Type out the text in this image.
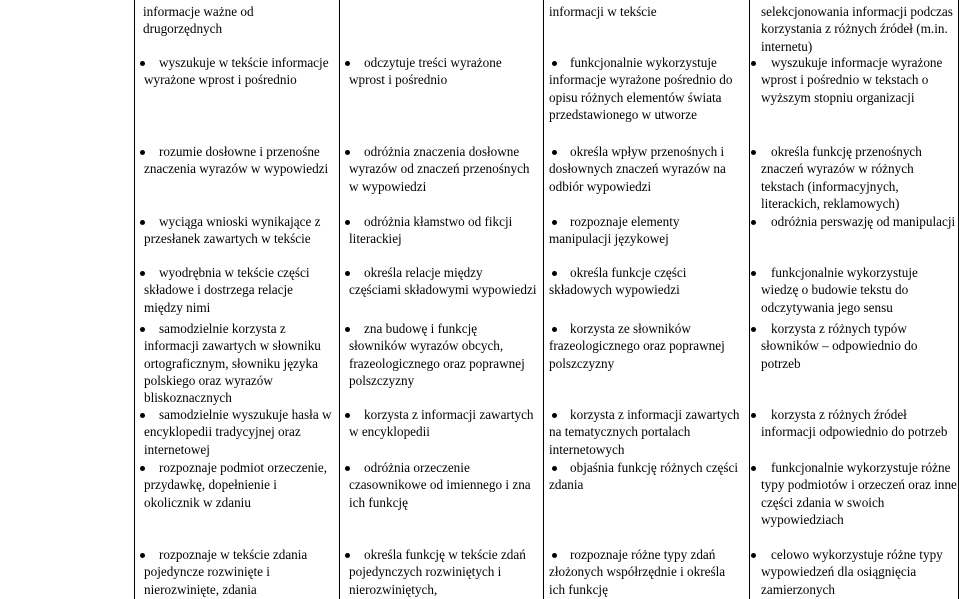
informacje ważne od drugorzędnych
wyszukuje w tekście informacje wyrażone wprost i pośrednio
rozumie dosłowne i przenośne znaczenia wyrazów w wypowiedzi
wyciąga wnioski wynikające z przesłanek zawartych w tekście
wyodrębnia w tekście części składowe i dostrzega relacje między nimi
samodzielnie korzysta z informacji zawartych w słowniku ortograficznym, słowniku języka polskiego oraz wyrazów bliskoznacznych
samodzielnie wyszukuje hasła w encyklopedii tradycyjnej oraz internetowej
rozpoznaje podmiot orzeczenie, przydawkę, dopełnienie i okolicznik w zdaniu
rozpoznaje w tekście zdania pojedyncze rozwinięte i nierozwinięte, zdania
odczytuje treści wyrażone wprost i pośrednio
odróżnia znaczenia dosłowne wyrazów od znaczeń przenośnych w wypowiedzi
odróżnia kłamstwo od fikcji literackiej
określa relacje między częściami składowymi wypowiedzi
zna budowę i funkcję słowników wyrazów obcych, frazeologicznego oraz poprawnej polszczyzny
korzysta z informacji zawartych w encyklopedii
odróżnia orzeczenie czasownikowe od imiennego i zna ich funkcję
określa funkcję w tekście zdań pojedynczych rozwiniętych i nierozwiniętych,
informacji w tekście
funkcjonalnie wykorzystuje informacje wyrażone pośrednio do opisu różnych elementów świata przedstawionego w utworze
określa wpływ przenośnych i dosłownych znaczeń wyrazów na odbiór wypowiedzi
rozpoznaje elementy manipulacji językowej
określa funkcje części składowych wypowiedzi
korzysta ze słowników frazeologicznego oraz poprawnej polszczyzny
korzysta z informacji zawartych na tematycznych portalach internetowych
objaśnia funkcję różnych części zdania
rozpoznaje różne typy zdań złożonych współrzędnie i określa ich funkcję
selekcjonowania informacji podczas korzystania z różnych źródeł (m.in. internetu)
wyszukuje informacje wyrażone wprost i pośrednio w tekstach o wyższym stopniu organizacji
określa funkcję przenośnych znaczeń wyrazów w różnych tekstach (informacyjnych, literackich, reklamowych)
odróżnia perswazję od manipulacji
funkcjonalnie wykorzystuje wiedzę o budowie tekstu do odczytywania jego sensu
korzysta z różnych typów słowników – odpowiednio do potrzeb
korzysta z różnych źródeł informacji odpowiednio do potrzeb
funkcjonalnie wykorzystuje różne typy podmiotów i orzeczeń oraz inne części zdania w swoich wypowiedziach
celowo wykorzystuje różne typy wypowiedzeń dla osiągnięcia zamierzonych
